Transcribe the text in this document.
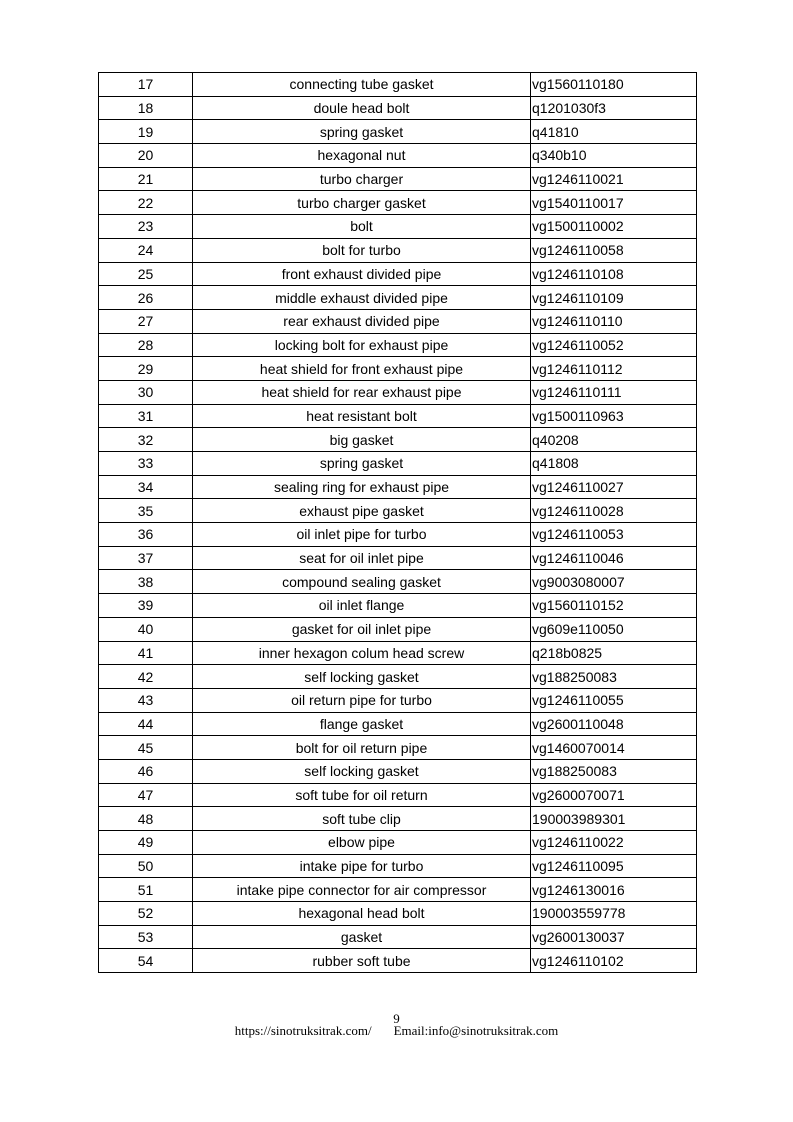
17	connecting tube gasket	vg1560110180
18	doule head bolt	q1201030f3
19	spring gasket	q41810
20	hexagonal nut	q340b10
21	turbo charger	vg1246110021
22	turbo charger gasket	vg1540110017
23	bolt	vg1500110002
24	bolt for turbo	vg1246110058
25	front exhaust divided pipe	vg1246110108
26	middle exhaust divided pipe	vg1246110109
27	rear exhaust divided pipe	vg1246110110
28	locking bolt for exhaust pipe	vg1246110052
29	heat shield for front exhaust pipe	vg1246110112
30	heat shield for rear exhaust pipe	vg1246110111
31	heat resistant bolt	vg1500110963
32	big gasket	q40208
33	spring gasket	q41808
34	sealing ring for exhaust pipe	vg1246110027
35	exhaust pipe gasket	vg1246110028
36	oil inlet pipe for turbo	vg1246110053
37	seat for oil inlet pipe	vg1246110046
38	compound sealing gasket	vg9003080007
39	oil inlet flange	vg1560110152
40	gasket for oil inlet pipe	vg609e110050
41	inner hexagon colum head screw	q218b0825
42	self locking gasket	vg188250083
43	oil return pipe for turbo	vg1246110055
44	flange gasket	vg2600110048
45	bolt for oil return pipe	vg1460070014
46	self locking gasket	vg188250083
47	soft tube for oil return	vg2600070071
48	soft tube clip	190003989301
49	elbow pipe	vg1246110022
50	intake pipe for turbo	vg1246110095
51	intake pipe connector for air compressor	vg1246130016
52	hexagonal head bolt	190003559778
53	gasket	vg2600130037
54	rubber soft tube	vg1246110102
9
https://sinotruksitrak.com/ Email:info@sinotruksitrak.com
